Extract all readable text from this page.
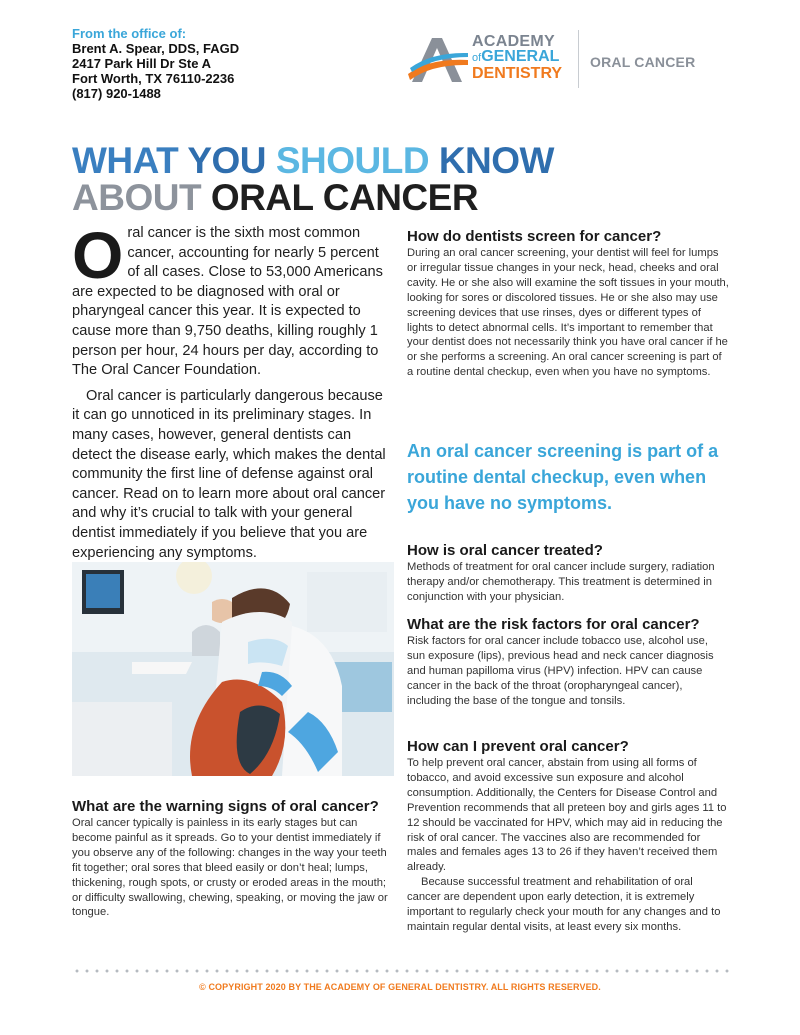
From the office of:
Brent A. Spear, DDS, FAGD
2417 Park Hill Dr Ste A
Fort Worth, TX 76110-2236
(817) 920-1488
ACADEMY
ofGENERAL
DENTISTRY
ORAL CANCER
WHAT YOU SHOULD KNOW
ABOUT ORAL CANCER

Oral cancer is the sixth most common cancer, accounting for nearly 5 percent of all cases. Close to 53,000 Americans are expected to be diagnosed with oral or pharyngeal cancer this year. It is expected to cause more than 9,750 deaths, killing roughly 1 person per hour, 24 hours per day, according to The Oral Cancer Foundation.

Oral cancer is particularly dangerous because it can go unnoticed in its preliminary stages. In many cases, however, general dentists can detect the disease early, which makes the dental community the first line of defense against oral cancer. Read on to learn more about oral cancer and why it’s crucial to talk with your general dentist immediately if you believe that you are experiencing any symptoms.

What are the warning signs of oral cancer?

Oral cancer typically is painless in its early stages but can become painful as it spreads. Go to your dentist immediately if you observe any of the following: changes in the way your teeth fit together; oral sores that bleed easily or don’t heal; lumps, thickening, rough spots, or crusty or eroded areas in the mouth; or difficulty swallowing, chewing, speaking, or moving the jaw or tongue.

How do dentists screen for cancer?

During an oral cancer screening, your dentist will feel for lumps or irregular tissue changes in your neck, head, cheeks and oral cavity. He or she also will examine the soft tissues in your mouth, looking for sores or discolored tissues. He or she also may use screening devices that use rinses, dyes or different types of lights to detect abnormal cells. It’s important to remember that your dentist does not necessarily think you have oral cancer if he or she performs a screening. An oral cancer screening is part of a routine dental checkup, even when you have no symptoms.

An oral cancer screening is part of a routine dental checkup, even when you have no symptoms.
How is oral cancer treated?

Methods of treatment for oral cancer include surgery, radiation therapy and/or chemotherapy. This treatment is determined in conjunction with your physician.

What are the risk factors for oral cancer?

Risk factors for oral cancer include tobacco use, alcohol use, sun exposure (lips), previous head and neck cancer diagnosis and human papilloma virus (HPV) infection. HPV can cause cancer in the back of the throat (oropharyngeal cancer), including the base of the tongue and tonsils.

How can I prevent oral cancer?

To help prevent oral cancer, abstain from using all forms of tobacco, and avoid excessive sun exposure and alcohol consumption. Additionally, the Centers for Disease Control and Prevention recommends that all preteen boy and girls ages 11 to 12 should be vaccinated for HPV, which may aid in reducing the risk of oral cancer. The vaccines also are recommended for males and females ages 13 to 26 if they haven’t received them already.

Because successful treatment and rehabilitation of oral cancer are dependent upon early detection, it is extremely important to regularly check your mouth for any changes and to maintain regular dental visits, at least every six months.

© COPYRIGHT 2020 BY THE ACADEMY OF GENERAL DENTISTRY. ALL RIGHTS RESERVED.
